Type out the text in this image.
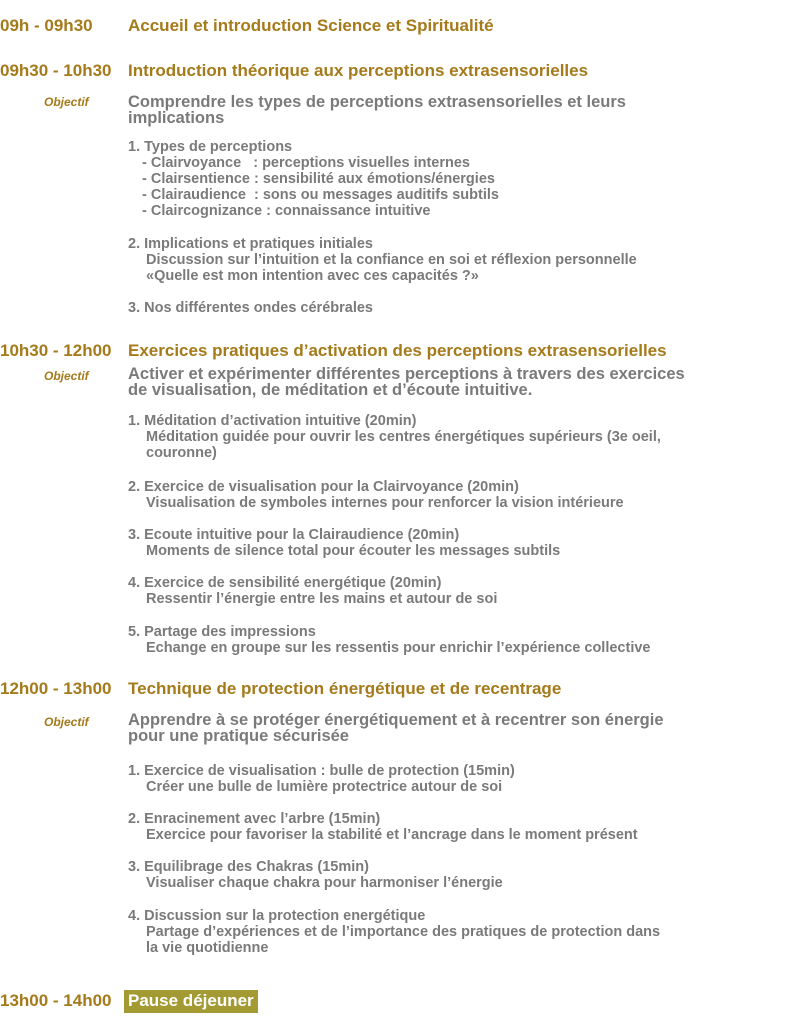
09h - 09h30	Accueil et introduction Science et Spiritualité
09h30 - 10h30 Introduction théorique aux perceptions extrasensorielles
Objectif Comprendre les types de perceptions extrasensorielles et leurs implications
1. Types de perceptions
- Clairvoyance   : perceptions visuelles internes
- Clairsentience : sensibilité aux émotions/énergies
- Clairaudience  : sons ou messages auditifs subtils
- Claircognizance : connaissance intuitive
2. Implications et pratiques initiales
Discussion sur l’intuition et la confiance en soi et réflexion personnelle
«Quelle est mon intention avec ces capacités ?»
3. Nos différentes ondes cérébrales
10h30 - 12h00 Exercices pratiques d’activation des perceptions extrasensorielles
Objectif Activer et expérimenter différentes perceptions à travers des exercices de visualisation, de méditation et d’écoute intuitive.
1. Méditation d’activation intuitive (20min)
Méditation guidée pour ouvrir les centres énergétiques supérieurs (3e oeil,
couronne)
2. Exercice de visualisation pour la Clairvoyance (20min)
Visualisation de symboles internes pour renforcer la vision intérieure
3. Ecoute intuitive pour la Clairaudience (20min)
Moments de silence total pour écouter les messages subtils
4. Exercice de sensibilité energétique (20min)
Ressentir l’énergie entre les mains et autour de soi
5. Partage des impressions
Echange en groupe sur les ressentis pour enrichir l’expérience collective
12h00 - 13h00 Technique de protection énergétique et de recentrage
Objectif Apprendre à se protéger énergétiquement et à recentrer son énergie pour une pratique sécurisée
1. Exercice de visualisation : bulle de protection (15min)
Créer une bulle de lumière protectrice autour de soi
2. Enracinement avec l’arbre (15min)
Exercice pour favoriser la stabilité et l’ancrage dans le moment présent
3. Equilibrage des Chakras (15min)
Visualiser chaque chakra pour harmoniser l’énergie
4. Discussion sur la protection energétique
Partage d’expériences et de l’importance des pratiques de protection dans
la vie quotidienne
13h00 - 14h00 Pause déjeuner
